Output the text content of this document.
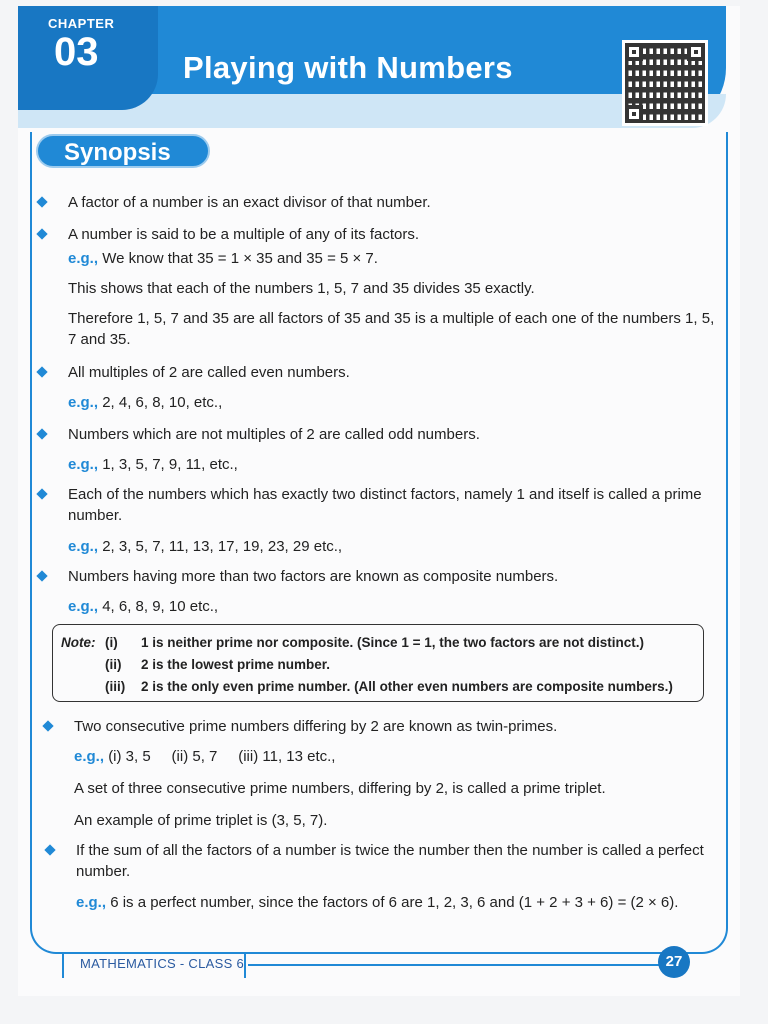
CHAPTER
03	Playing with Numbers
Synopsis
A factor of a number is an exact divisor of that number.
A number is said to be a multiple of any of its factors.
e.g., We know that 35 = 1 × 35 and 35 = 5 × 7.
This shows that each of the numbers 1, 5, 7 and 35 divides 35 exactly.
Therefore 1, 5, 7 and 35 are all factors of 35 and 35 is a multiple of each one of the numbers 1, 5, 7 and 35.
All multiples of 2 are called even numbers.
e.g., 2, 4, 6, 8, 10, etc.,
Numbers which are not multiples of 2 are called odd numbers.
e.g., 1, 3, 5, 7, 9, 11, etc.,
Each of the numbers which has exactly two distinct factors, namely 1 and itself is called a prime number.
e.g., 2, 3, 5, 7, 11, 13, 17, 19, 23, 29 etc.,
Numbers having more than two factors are known as composite numbers.
e.g., 4, 6, 8, 9, 10 etc.,
Note: (i) 1 is neither prime nor composite. (Since 1 = 1, the two factors are not distinct.)
(ii) 2 is the lowest prime number.
(iii) 2 is the only even prime number. (All other even numbers are composite numbers.)
Two consecutive prime numbers differing by 2 are known as twin-primes.
e.g., (i) 3, 5     (ii) 5, 7     (iii) 11, 13 etc.,
A set of three consecutive prime numbers, differing by 2, is called a prime triplet.
An example of prime triplet is (3, 5, 7).
If the sum of all the factors of a number is twice the number then the number is called a perfect number.
e.g., 6 is a perfect number, since the factors of 6 are 1, 2, 3, 6 and (1 + 2 + 3 + 6) = (2 × 6).
MATHEMATICS - CLASS 6	27
